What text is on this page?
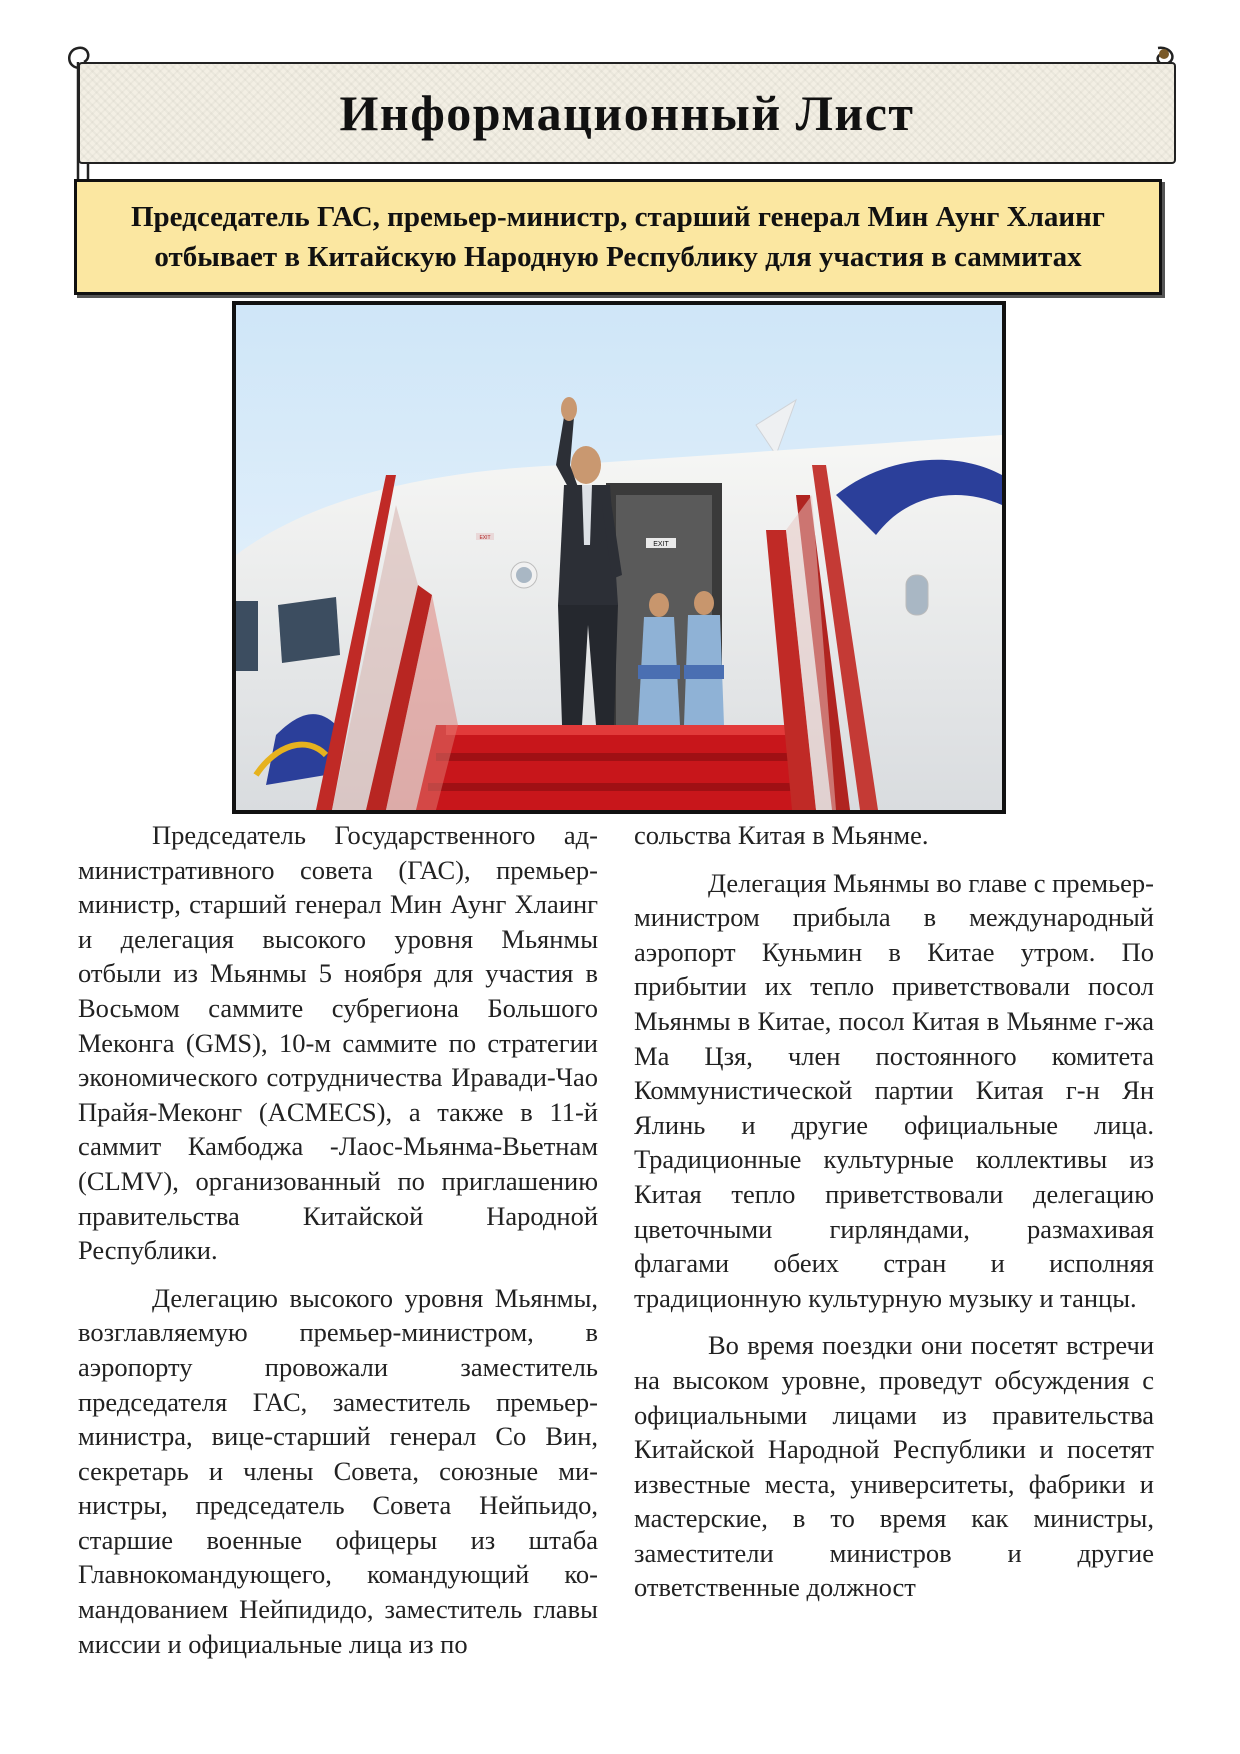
Информационный Лист
Председатель ГАС, премьер-министр, старший генерал Мин Аунг Хлаинг
отбывает в Китайскую Народную Республику для участия в саммитах
EXIT
EXIT

Председатель Государственного административного совета (ГАС), премьер-министр, старший генерал Мин Аунг Хлаинг и делегация высокого уровня Мьянмы отбыли из Мьянмы 5 ноября для участия в Восьмом саммите субрегиона Большого Меконга (GMS), 10-м саммите по стратегии экономического сотрудничества Иравади-Чао Прайя-Меконг (ACMECS), а также в 11-й саммит Камбоджа -Лаос-Мьянма-Вьетнам (CLMV), организованный по приглашению правительства Китайской Народной Республики.

Делегацию высокого уровня Мьянмы, возглавляемую премьер-министром, в аэропорту провожали заместитель председателя ГАС, заместитель премьер-министра, вице-старший генерал Со Вин, секретарь и члены Совета, союзные министры, председатель Совета Нейпьидо, старшие военные офицеры из штаба Главнокомандующего, командующий командованием Нейпидидо, заместитель главы миссии и официальные лица из по

сольства Китая в Мьянме.

Делегация Мьянмы во главе с премьер-министром прибыла в международный аэропорт Куньмин в Китае утром. По прибытии их тепло приветствовали посол Мьянмы в Китае, посол Китая в Мьянме г-жа Ма Цзя, член постоянного комитета Коммунистической партии Китая г-н Ян Ялинь и другие официальные лица. Традиционные культурные коллективы из Китая тепло приветствовали делегацию цветочными гирляндами, размахивая флагами обеих стран и исполняя традиционную культурную музыку и танцы.

Во время поездки они посетят встречи на высоком уровне, проведут обсуждения с официальными лицами из правительства Китайской Народной Республики и посетят известные места, университеты, фабрики и мастерские, в то время как министры, заместители министров и другие ответственные должност
